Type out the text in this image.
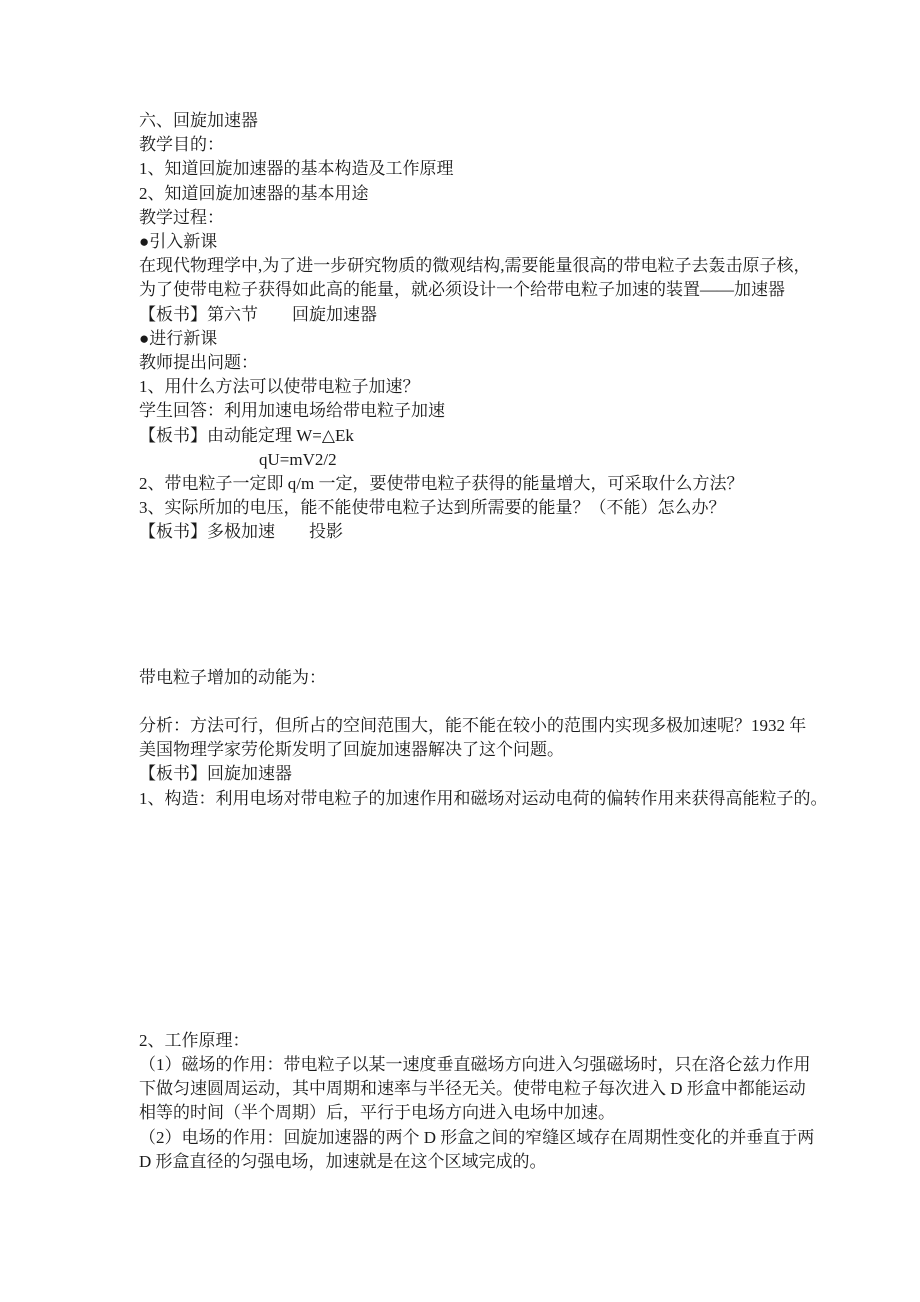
六、回旋加速器
教学目的：
1、知道回旋加速器的基本构造及工作原理
2、知道回旋加速器的基本用途
教学过程：
●引入新课
在现代物理学中,为了进一步研究物质的微观结构,需要能量很高的带电粒子去轰击原子核，
为了使带电粒子获得如此高的能量，就必须设计一个给带电粒子加速的装置——加速器
【板书】第六节　　回旋加速器
●进行新课
教师提出问题：
1、用什么方法可以使带电粒子加速？
学生回答：利用加速电场给带电粒子加速
【板书】由动能定理 W=△Ek
qU=mV2/2
2、带电粒子一定即 q/m 一定，要使带电粒子获得的能量增大，可采取什么方法？
3、实际所加的电压，能不能使带电粒子达到所需要的能量？（不能）怎么办？
【板书】多极加速　　投影

带电粒子增加的动能为：

分析：方法可行，但所占的空间范围大，能不能在较小的范围内实现多极加速呢？1932 年
美国物理学家劳伦斯发明了回旋加速器解决了这个问题。
【板书】回旋加速器
1、构造：利用电场对带电粒子的加速作用和磁场对运动电荷的偏转作用来获得高能粒子的。

2、工作原理：
（1）磁场的作用：带电粒子以某一速度垂直磁场方向进入匀强磁场时，只在洛仑兹力作用
下做匀速圆周运动，其中周期和速率与半径无关。使带电粒子每次进入 D 形盒中都能运动
相等的时间（半个周期）后，平行于电场方向进入电场中加速。
（2）电场的作用：回旋加速器的两个 D 形盒之间的窄缝区域存在周期性变化的并垂直于两
D 形盒直径的匀强电场，加速就是在这个区域完成的。
